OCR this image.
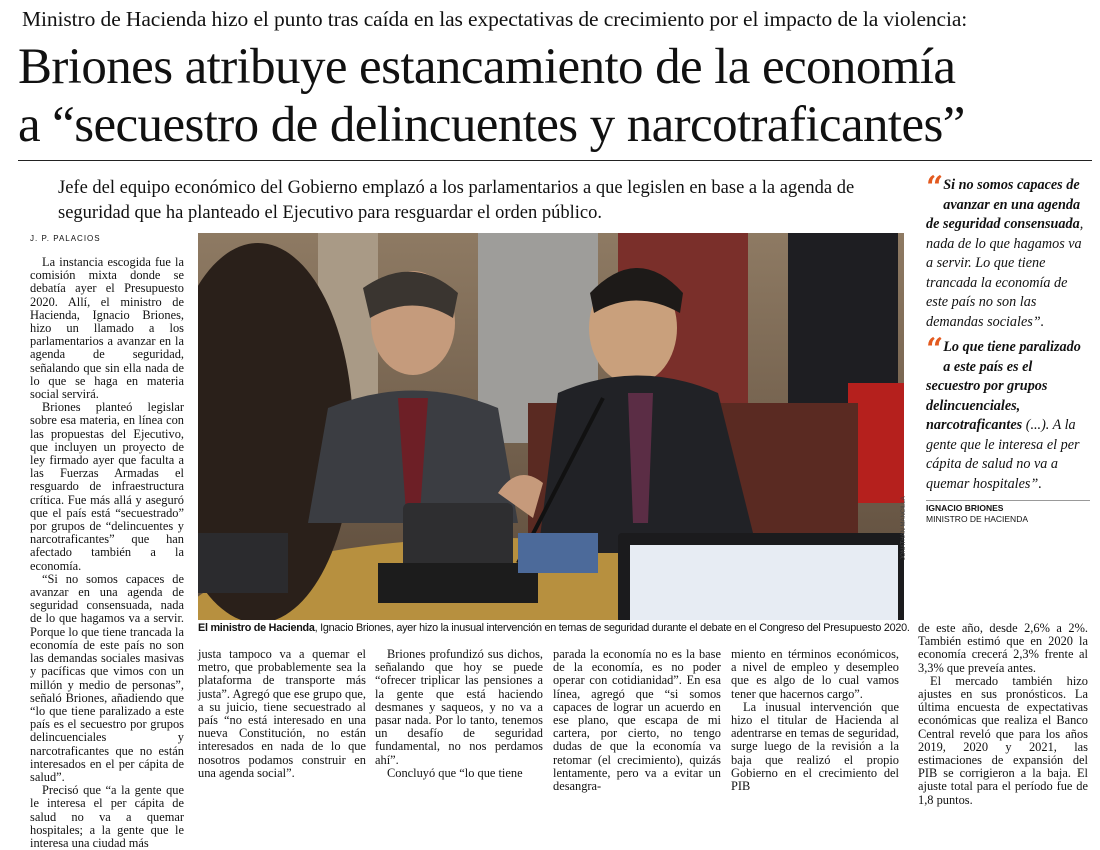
Ministro de Hacienda hizo el punto tras caída en las expectativas de crecimiento por el impacto de la violencia:
Briones atribuye estancamiento de la economía
a “secuestro de delincuentes y narcotraficantes”
Jefe del equipo económico del Gobierno emplazó a los parlamentarios a que legislen en base a la agenda de seguridad que ha planteado el Ejecutivo para resguardar el orden público.
J. P. PALACIOS
JONATHAN MANCILLA
El ministro de Hacienda, Ignacio Briones, ayer hizo la inusual intervención en temas de seguridad durante el debate en el Congreso del Presupuesto 2020.

La instancia escogida fue la comisión mixta donde se debatía ayer el Presupuesto 2020. Allí, el ministro de Hacienda, Ignacio Briones, hizo un llamado a los parlamentarios a avanzar en la agenda de seguridad, señalando que sin ella nada de lo que se haga en materia social servirá.

Briones planteó legislar sobre esa materia, en línea con las propuestas del Ejecutivo, que incluyen un proyecto de ley firmado ayer que faculta a las Fuerzas Armadas el resguardo de infraestructura crítica. Fue más allá y aseguró que el país está “secuestrado” por grupos de “delincuentes y narcotraficantes” que han afectado también a la economía.

“Si no somos capaces de avanzar en una agenda de seguridad consensuada, nada de lo que hagamos va a servir. Porque lo que tiene trancada la economía de este país no son las demandas sociales masivas y pacíficas que vimos con un millón y medio de personas”, señaló Briones, añadiendo que “lo que tiene paralizado a este país es el secuestro por grupos delincuenciales y narcotraficantes que no están interesados en el per cápita de salud”.

Precisó que “a la gente que le interesa el per cápita de salud no va a quemar hospitales; a la gente que le interesa una ciudad más

justa tampoco va a quemar el metro, que probablemente sea la plataforma de transporte más justa”. Agregó que ese grupo que, a su juicio, tiene secuestrado al país “no está interesado en una nueva Constitución, no están interesados en nada de lo que nosotros podamos construir en una agenda social”.

Briones profundizó sus dichos, señalando que hoy se puede “ofrecer triplicar las pensiones a la gente que está haciendo desmanes y saqueos, y no va a pasar nada. Por lo tanto, tenemos un desafío de seguridad fundamental, no nos perdamos ahí”.

Concluyó que “lo que tiene

parada la economía no es la base de la economía, es no poder operar con cotidianidad”. En esa línea, agregó que “si somos capaces de lograr un acuerdo en ese plano, que escapa de mi cartera, por cierto, no tengo dudas de que la economía va retomar (el crecimiento), quizás lentamente, pero va a evitar un desangra-

miento en términos económicos, a nivel de empleo y desempleo que es algo de lo cual vamos tener que hacernos cargo”.

La inusual intervención que hizo el titular de Hacienda al adentrarse en temas de seguridad, surge luego de la revisión a la baja que realizó el propio Gobierno en el crecimiento del PIB

de este año, desde 2,6% a 2%. También estimó que en 2020 la economía crecerá 2,3% frente al 3,3% que preveía antes.

El mercado también hizo ajustes en sus pronósticos. La última encuesta de expectativas económicas que realiza el Banco Central reveló que para los años 2019, 2020 y 2021, las estimaciones de expansión del PIB se corrigieron a la baja. El ajuste total para el período fue de 1,8 puntos.

“ Si no somos capaces de avanzar en una agenda de seguridad consensuada, nada de lo que hagamos va a servir. Lo que tiene trancada la economía de este país no son las demandas sociales”.
“ Lo que tiene paralizado a este país es el secuestro por grupos delincuenciales, narcotraficantes (...). A la gente que le interesa el per cápita de salud no va a quemar hospitales”.
IGNACIO BRIONES
MINISTRO DE HACIENDA
